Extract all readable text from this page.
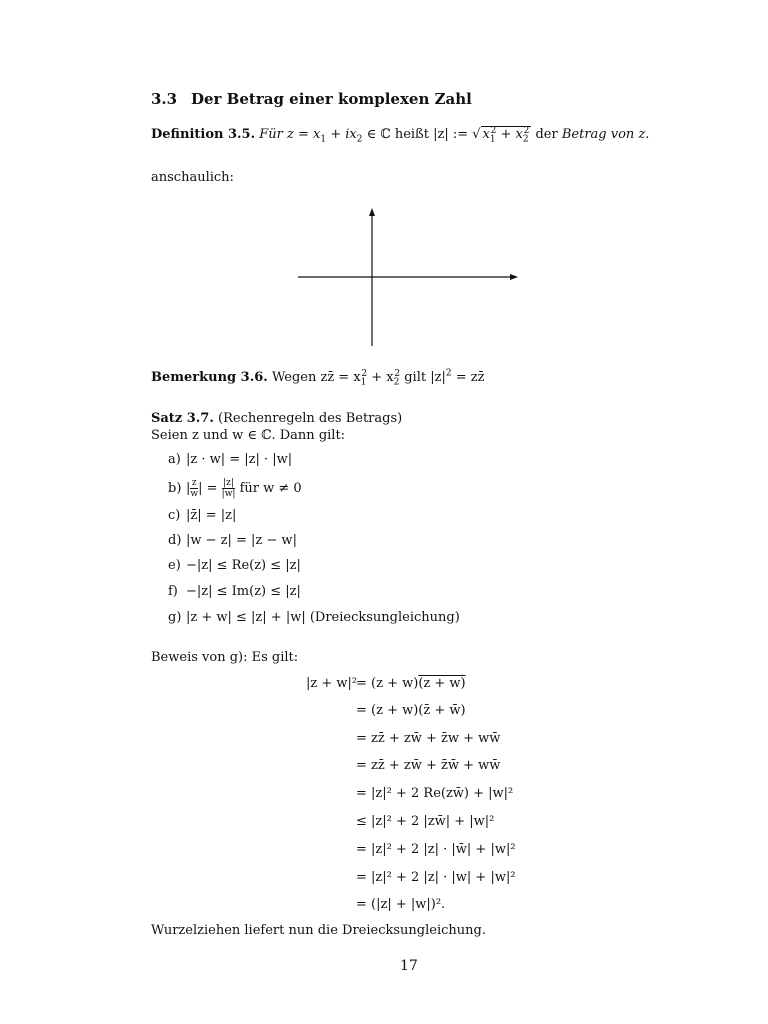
3.3 Der Betrag einer komplexen Zahl
Definition 3.5. Für $z = x_1 + ix_2$ ∈ ℂ heißt |z| := √ $x_1^2 + x_2^2$ der Betrag von z.
anschaulich:
Bemerkung 3.6. Wegen zz̄ = $x_1^2 + x_2^2$ gilt $|z|^2$ = zz̄
Satz 3.7. (Rechenregeln des Betrags)
Seien z und w ∈ ℂ. Dann gilt:
a) |z · w| = |z| · |w|
b) | $\frac{z}{w}$ | = $\frac{|z|}{|w|}$ für w ≠ 0
c) |z̄| = |z|
d) |w − z| = |z − w|
e) −|z| ≤ Re(z) ≤ |z|
f) −|z| ≤ Im(z) ≤ |z|
g) |z + w| ≤ |z| + |w| (Dreiecksungleichung)
Beweis von g): Es gilt:
|z + w|²
= (z + w)(z + w)
= (z + w)(z̄ + w̄)
= zz̄ + zw̄ + z̄w + ww̄
= zz̄ + zw̄ + z̄w̄ + ww̄
= |z|² + 2 Re(zw̄) + |w|²
≤ |z|² + 2 |zw̄| + |w|²
= |z|² + 2 |z| · |w̄| + |w|²
= |z|² + 2 |z| · |w| + |w|²
= (|z| + |w|)².
Wurzelziehen liefert nun die Dreiecksungleichung.
17
